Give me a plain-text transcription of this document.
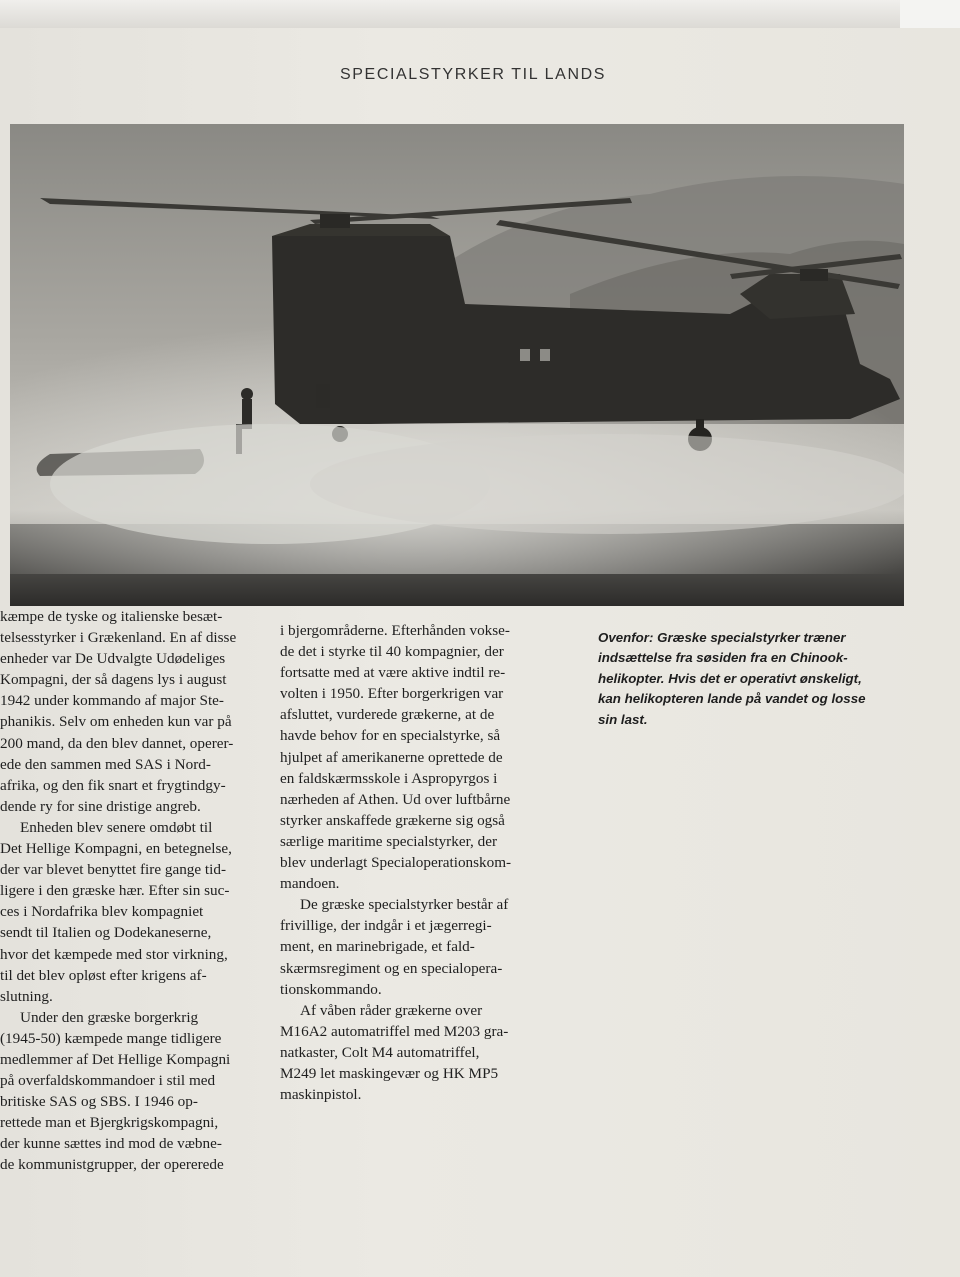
SPECIALSTYRKER TIL LANDS
kæmpe de tyske og italienske besæt-
telsesstyrker i Grækenland. En af disse
enheder var De Udvalgte Udødeliges
Kompagni, der så dagens lys i august
1942 under kommando af major Ste-
phanikis. Selv om enheden kun var på
200 mand, da den blev dannet, operer-
ede den sammen med SAS i Nord-
afrika, og den fik snart et frygtindgy-
dende ry for sine dristige angreb.
Enheden blev senere omdøbt til
Det Hellige Kompagni, en betegnelse,
der var blevet benyttet fire gange tid-
ligere i den græske hær. Efter sin suc-
ces i Nordafrika blev kompagniet
sendt til Italien og Dodekaneserne,
hvor det kæmpede med stor virkning,
til det blev opløst efter krigens af-
slutning.
Under den græske borgerkrig
(1945-50) kæmpede mange tidligere
medlemmer af Det Hellige Kompagni
på overfaldskommandoer i stil med
britiske SAS og SBS. I 1946 op-
rettede man et Bjergkrigskompagni,
der kunne sættes ind mod de væbne-
de kommunistgrupper, der opererede
i bjergområderne. Efterhånden vokse-
de det i styrke til 40 kompagnier, der
fortsatte med at være aktive indtil re-
volten i 1950. Efter borgerkrigen var
afsluttet, vurderede grækerne, at de
havde behov for en specialstyrke, så
hjulpet af amerikanerne oprettede de
en faldskærmsskole i Aspropyrgos i
nærheden af Athen. Ud over luftbårne
styrker anskaffede grækerne sig også
særlige maritime specialstyrker, der
blev underlagt Specialoperationskom-
mandoen.
De græske specialstyrker består af
frivillige, der indgår i et jægerregi-
ment, en marinebrigade, et fald-
skærmsregiment og en specialopera-
tionskommando.
Af våben råder grækerne over
M16A2 automatriffel med M203 gra-
natkaster, Colt M4 automatriffel,
M249 let maskingevær og HK MP5
maskinpistol.
Ovenfor: Græske specialstyrker træner
indsættelse fra søsiden fra en Chinook-
helikopter. Hvis det er operativt ønskeligt,
kan helikopteren lande på vandet og losse
sin last.
